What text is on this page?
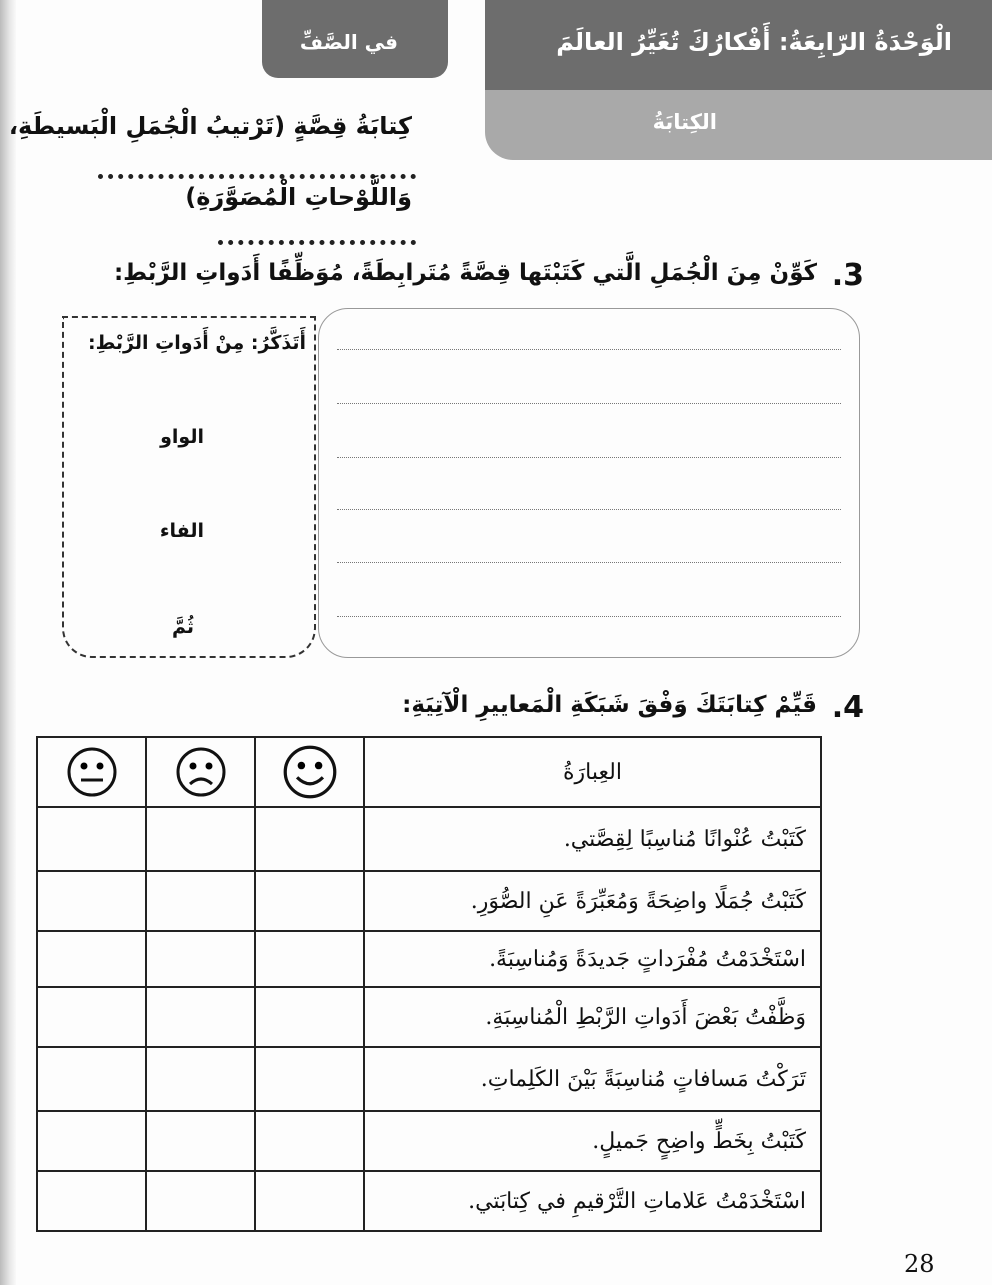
الْوَحْدَةُ الرّابِعَةُ: أَفْكارُكَ تُغَيِّرُ العالَمَ
الكِتابَةُ
في الصَّفِّ
كِتابَةُ قِصَّةٍ (تَرْتيبُ الْجُمَلِ الْبَسيطَةِ،
وَاللَّوْحاتِ الْمُصَوَّرَةِ)
3.
كَوِّنْ مِنَ الْجُمَلِ الَّتي كَتَبْتَها قِصَّةً مُتَرابِطَةً، مُوَظِّفًا أَدَواتِ الرَّبْطِ:
أَتَذَكَّرُ: مِنْ أَدَواتِ الرَّبْطِ:
الواو
الفاء
ثُمَّ
4.
قَيِّمْ كِتابَتَكَ وَفْقَ شَبَكَةِ الْمَعاييرِ الْآتِيَةِ:

	العِبارَةُ
			كَتَبْتُ عُنْوانًا مُناسِبًا لِقِصَّتي.
			كَتَبْتُ جُمَلًا واضِحَةً وَمُعَبِّرَةً عَنِ الصُّوَرِ.
			اسْتَخْدَمْتُ مُفْرَداتٍ جَديدَةً وَمُناسِبَةً.
			وَظَّفْتُ بَعْضَ أَدَواتِ الرَّبْطِ الْمُناسِبَةِ.
			تَرَكْتُ مَسافاتٍ مُناسِبَةً بَيْنَ الكَلِماتِ.
			كَتَبْتُ بِخَطٍّ واضِحٍ جَميلٍ.
			اسْتَخْدَمْتُ عَلاماتِ التَّرْقيمِ في كِتابَتي.
28
